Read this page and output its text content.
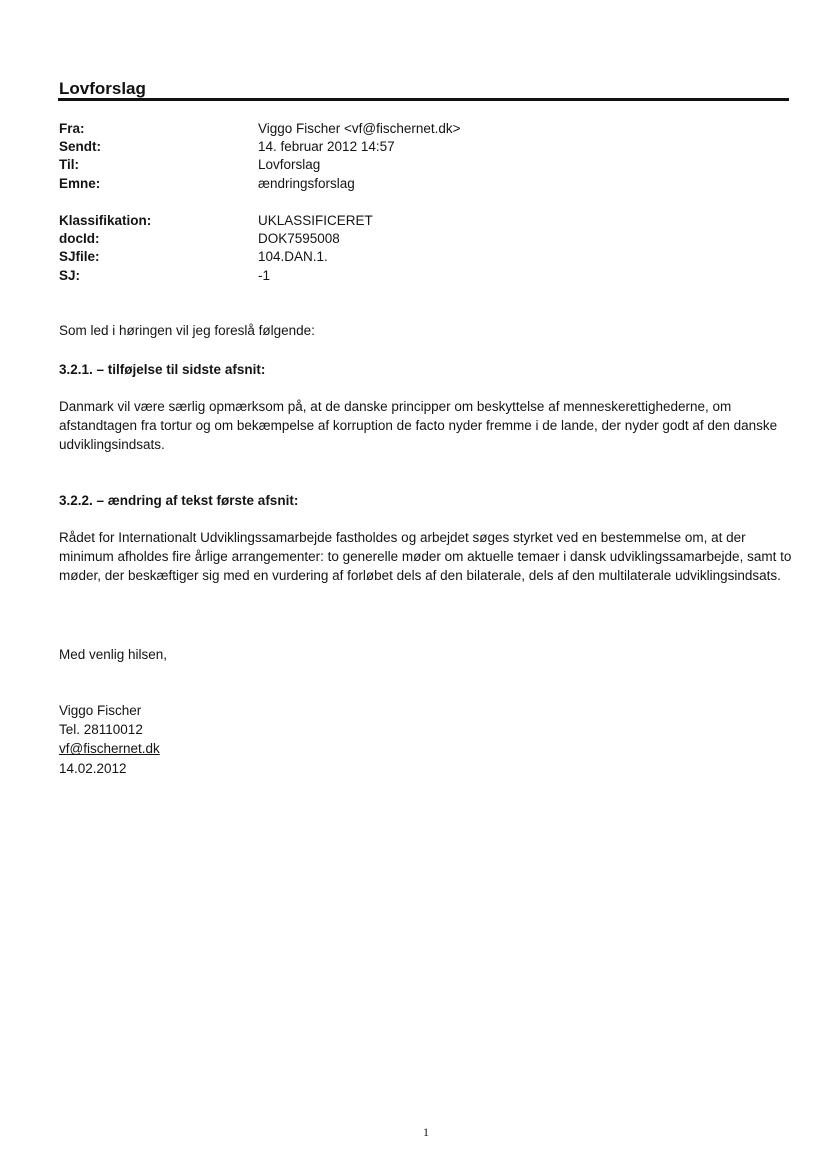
Lovforslag
Fra:	Viggo Fischer <vf@fischernet.dk>
Sendt:	14. februar 2012 14:57
Til:	Lovforslag
Emne:	ændringsforslag
Klassifikation:	UKLASSIFICERET
docId:	DOK7595008
SJfile:	104.DAN.1.
SJ:	-1
Som led i høringen vil jeg foreslå følgende:
3.2.1. – tilføjelse til sidste afsnit:
Danmark vil være særlig opmærksom på, at de danske principper om beskyttelse af menneskerettighederne, om afstandtagen fra tortur og om bekæmpelse af korruption de facto nyder fremme i de lande, der nyder godt af den danske udviklingsindsats.
3.2.2. – ændring af tekst første afsnit:
Rådet for Internationalt Udviklingssamarbejde fastholdes og arbejdet søges styrket ved en bestemmelse om, at der minimum afholdes fire årlige arrangementer: to generelle møder om aktuelle temaer i dansk udviklingssamarbejde, samt to møder, der beskæftiger sig med en vurdering af forløbet dels af den bilaterale, dels af den multilaterale udviklingsindsats.
Med venlig hilsen,
Viggo Fischer
Tel. 28110012
vf@fischernet.dk
14.02.2012
1
